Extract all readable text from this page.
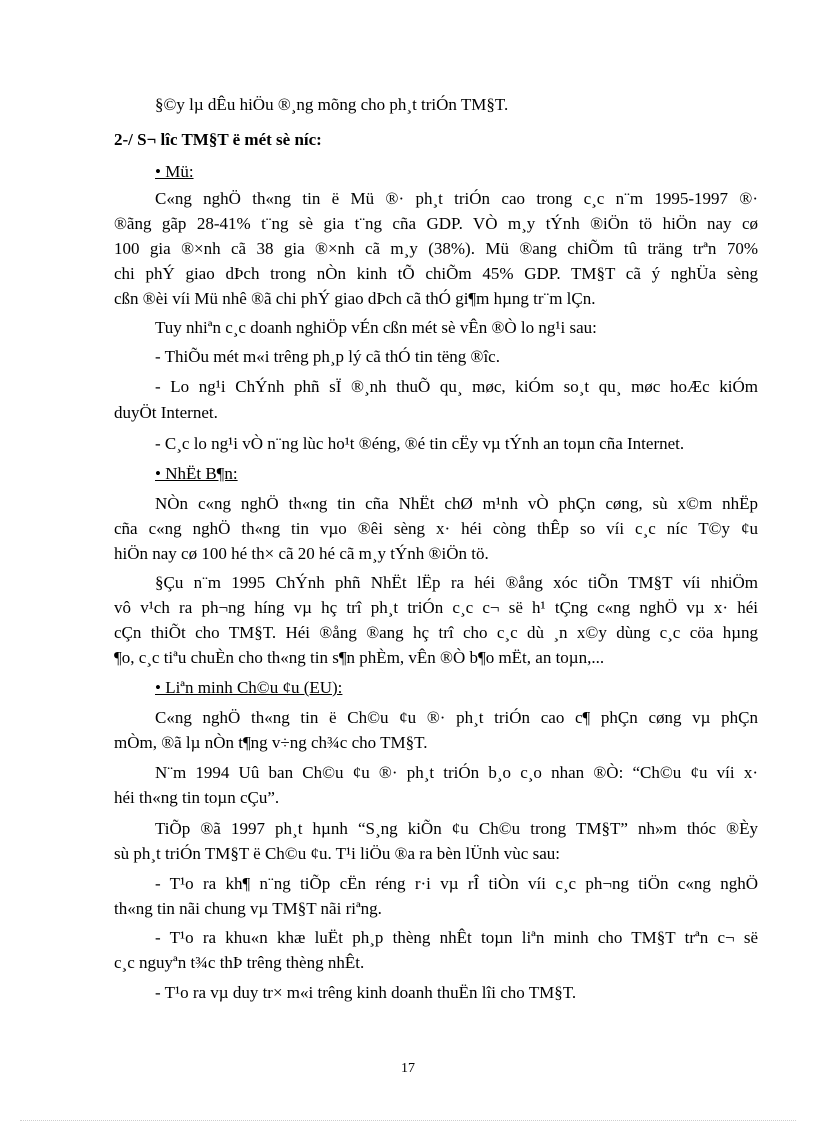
§©y lµ dÊu hiÖu ®¸ng mõng cho ph¸t triÓn TM§T.
2-/ S¬ lîc TM§T ë mét sè níc:
• Mü:
C«ng nghÖ th«ng tin ë Mü ®· ph¸t triÓn cao trong c¸c n¨m 1995-1997 ®·
®ãng gãp 28-41% t¨ng sè gia t¨ng cña GDP. VÒ m¸y tÝnh ®iÖn tö hiÖn nay cø
100 gia ®×nh cã 38 gia ®×nh cã m¸y (38%). Mü ®ang chiÕm tû träng trªn 70%
chi phÝ giao dÞch trong nÒn kinh tÕ chiÕm 45% GDP. TM§T cã ý nghÜa sèng
cßn ®èi víi Mü nhê ®ã chi phÝ giao dÞch cã thÓ gi¶m hµng tr¨m lÇn.
Tuy nhiªn c¸c doanh nghiÖp vÉn cßn mét sè vÊn ®Ò lo ng¹i sau:
- ThiÕu mét m«i trêng ph¸p lý cã thÓ tin tëng ®îc.
- Lo ng¹i ChÝnh phñ sÏ ®¸nh thuÕ qu¸ møc, kiÓm so¸t qu¸ møc hoÆc kiÓm
duyÖt Internet.
- C¸c lo ng¹i vÒ n¨ng lùc ho¹t ®éng, ®é tin cËy vµ tÝnh an toµn cña Internet.
• NhËt B¶n:
NÒn c«ng nghÖ th«ng tin cña NhËt chØ m¹nh vÒ phÇn cøng, sù x©m nhËp
cña c«ng nghÖ th«ng tin vµo ®êi sèng x· héi còng thÊp so víi c¸c níc T©y ¢u
hiÖn nay cø 100 hé th× cã 20 hé cã m¸y tÝnh ®iÖn tö.
§Çu n¨m 1995 ChÝnh phñ NhËt lËp ra héi ®ång xóc tiÕn TM§T víi nhiÖm
vô v¹ch ra ph¬ng híng vµ hç trî ph¸t triÓn c¸c c¬ së h¹ tÇng c«ng nghÖ vµ x· héi
cÇn thiÕt cho TM§T. Héi ®ång ®ang hç trî cho c¸c dù ¸n x©y dùng c¸c cöa hµng
¶o, c¸c tiªu chuÈn cho th«ng tin s¶n phÈm, vÊn ®Ò b¶o mËt, an toµn,...
• Liªn minh Ch©u ¢u (EU):
C«ng nghÖ th«ng tin ë Ch©u ¢u ®· ph¸t triÓn cao c¶ phÇn cøng vµ phÇn
mÒm, ®ã lµ nÒn t¶ng v÷ng ch¾c cho TM§T.
N¨m 1994 Uû ban Ch©u ¢u ®· ph¸t triÓn b¸o c¸o nhan ®Ò: “Ch©u ¢u víi x·
héi th«ng tin toµn cÇu”.
TiÕp ®ã 1997 ph¸t hµnh “S¸ng kiÕn ¢u Ch©u trong TM§T” nh»m thóc ®Èy
sù ph¸t triÓn TM§T ë Ch©u ¢u. T¹i liÖu ®a ra bèn lÜnh vùc sau:
- T¹o ra kh¶ n¨ng tiÕp cËn réng r·i vµ rÎ tiÒn víi c¸c ph¬ng tiÖn c«ng nghÖ
th«ng tin nãi chung vµ TM§T nãi riªng.
- T¹o ra khu«n khæ luËt ph¸p thèng nhÊt toµn liªn minh cho TM§T trªn c¬ së
c¸c nguyªn t¾c thÞ trêng thèng nhÊt.
- T¹o ra vµ duy tr× m«i trêng kinh doanh thuËn lîi cho TM§T.
17
